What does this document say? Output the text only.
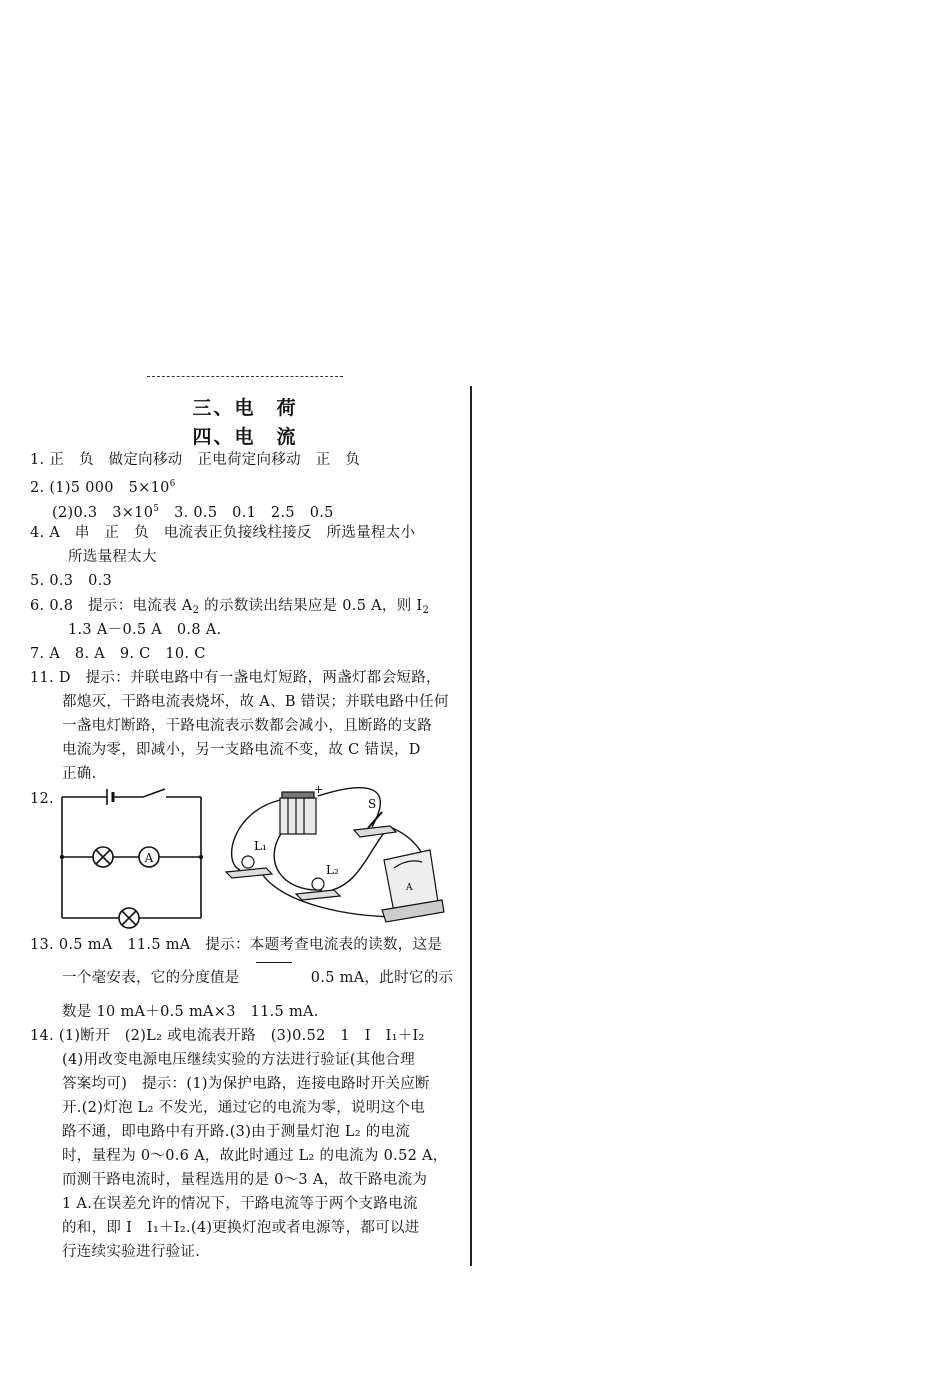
三、电　荷
四、电　流
1. 正　负　做定向移动　正电荷定向移动　正　负
2. (1)5 000　$5\times 10^6$
(2)0.3　$3\times 10^5$　3. 0.5　0.1　2.5　0.5
4. A　串　正　负　电流表正负接线柱接反　所选量程太小
所选量程太大
5. 0.3　0.3
6. 0.8　提示：电流表 $A_2$ 的示数读出结果应是 0.5 A，则 $I_2$
1.3 A－0.5 A　0.8 A.
7. A　8. A　9. C　10. C
11. D　提示：并联电路中有一盏电灯短路，两盏灯都会短路，
都熄灭，干路电流表烧坏，故 A、B 错误；并联电路中任何
一盏电灯断路，干路电流表示数都会减小，且断路的支路
电流为零，即减小，另一支路电流不变，故 C 错误，D
正确.
12.
A
+
S
L₁
L₂
A
13. 0.5 mA　11.5 mA　提示：本题考查电流表的读数，这是
一个毫安表，它的分度值是	　0.5 mA，此时它的示
数是 10 mA＋0.5 mA×3　11.5 mA.
14. (1)断开　(2)L₂ 或电流表开路　(3)0.52　1　I　I₁＋I₂
(4)用改变电源电压继续实验的方法进行验证(其他合理
答案均可)　提示：(1)为保护电路，连接电路时开关应断
开.(2)灯泡 L₂ 不发光，通过它的电流为零，说明这个电
路不通，即电路中有开路.(3)由于测量灯泡 L₂ 的电流
时，量程为 0～0.6 A，故此时通过 L₂ 的电流为 0.52 A，
而测干路电流时，量程选用的是 0～3 A，故干路电流为
1 A.在误差允许的情况下，干路电流等于两个支路电流
的和，即 I　I₁＋I₂.(4)更换灯泡或者电源等，都可以进
行连续实验进行验证.
